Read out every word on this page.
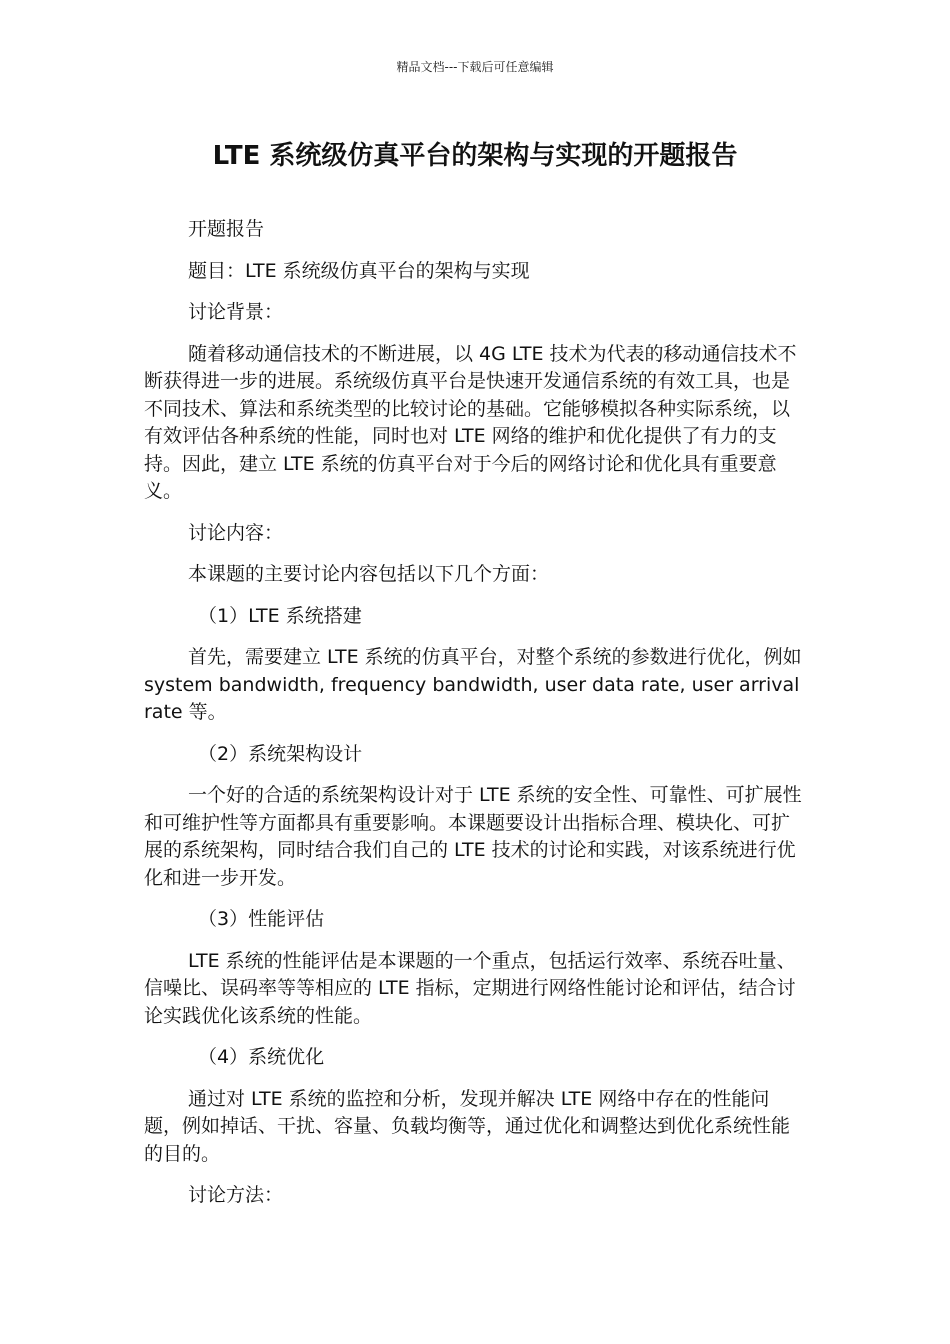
精品文档---下载后可任意编辑
LTE 系统级仿真平台的架构与实现的开题报告

开题报告

题目：LTE 系统级仿真平台的架构与实现

讨论背景：

随着移动通信技术的不断进展，以 4G LTE 技术为代表的移动通信技术不断获得进一步的进展。系统级仿真平台是快速开发通信系统的有效工具，也是不同技术、算法和系统类型的比较讨论的基础。它能够模拟各种实际系统，以有效评估各种系统的性能，同时也对 LTE 网络的维护和优化提供了有力的支持。因此，建立 LTE 系统的仿真平台对于今后的网络讨论和优化具有重要意义。

讨论内容：

本课题的主要讨论内容包括以下几个方面：

（1）LTE 系统搭建

首先，需要建立 LTE 系统的仿真平台，对整个系统的参数进行优化，例如 system bandwidth, frequency bandwidth, user data rate, user arrival rate 等。

（2）系统架构设计

一个好的合适的系统架构设计对于 LTE 系统的安全性、可靠性、可扩展性和可维护性等方面都具有重要影响。本课题要设计出指标合理、模块化、可扩展的系统架构，同时结合我们自己的 LTE 技术的讨论和实践，对该系统进行优化和进一步开发。

（3）性能评估

LTE 系统的性能评估是本课题的一个重点，包括运行效率、系统吞吐量、信噪比、误码率等等相应的 LTE 指标，定期进行网络性能讨论和评估，结合讨论实践优化该系统的性能。

（4）系统优化

通过对 LTE 系统的监控和分析，发现并解决 LTE 网络中存在的性能问题，例如掉话、干扰、容量、负载均衡等，通过优化和调整达到优化系统性能的目的。

讨论方法：
